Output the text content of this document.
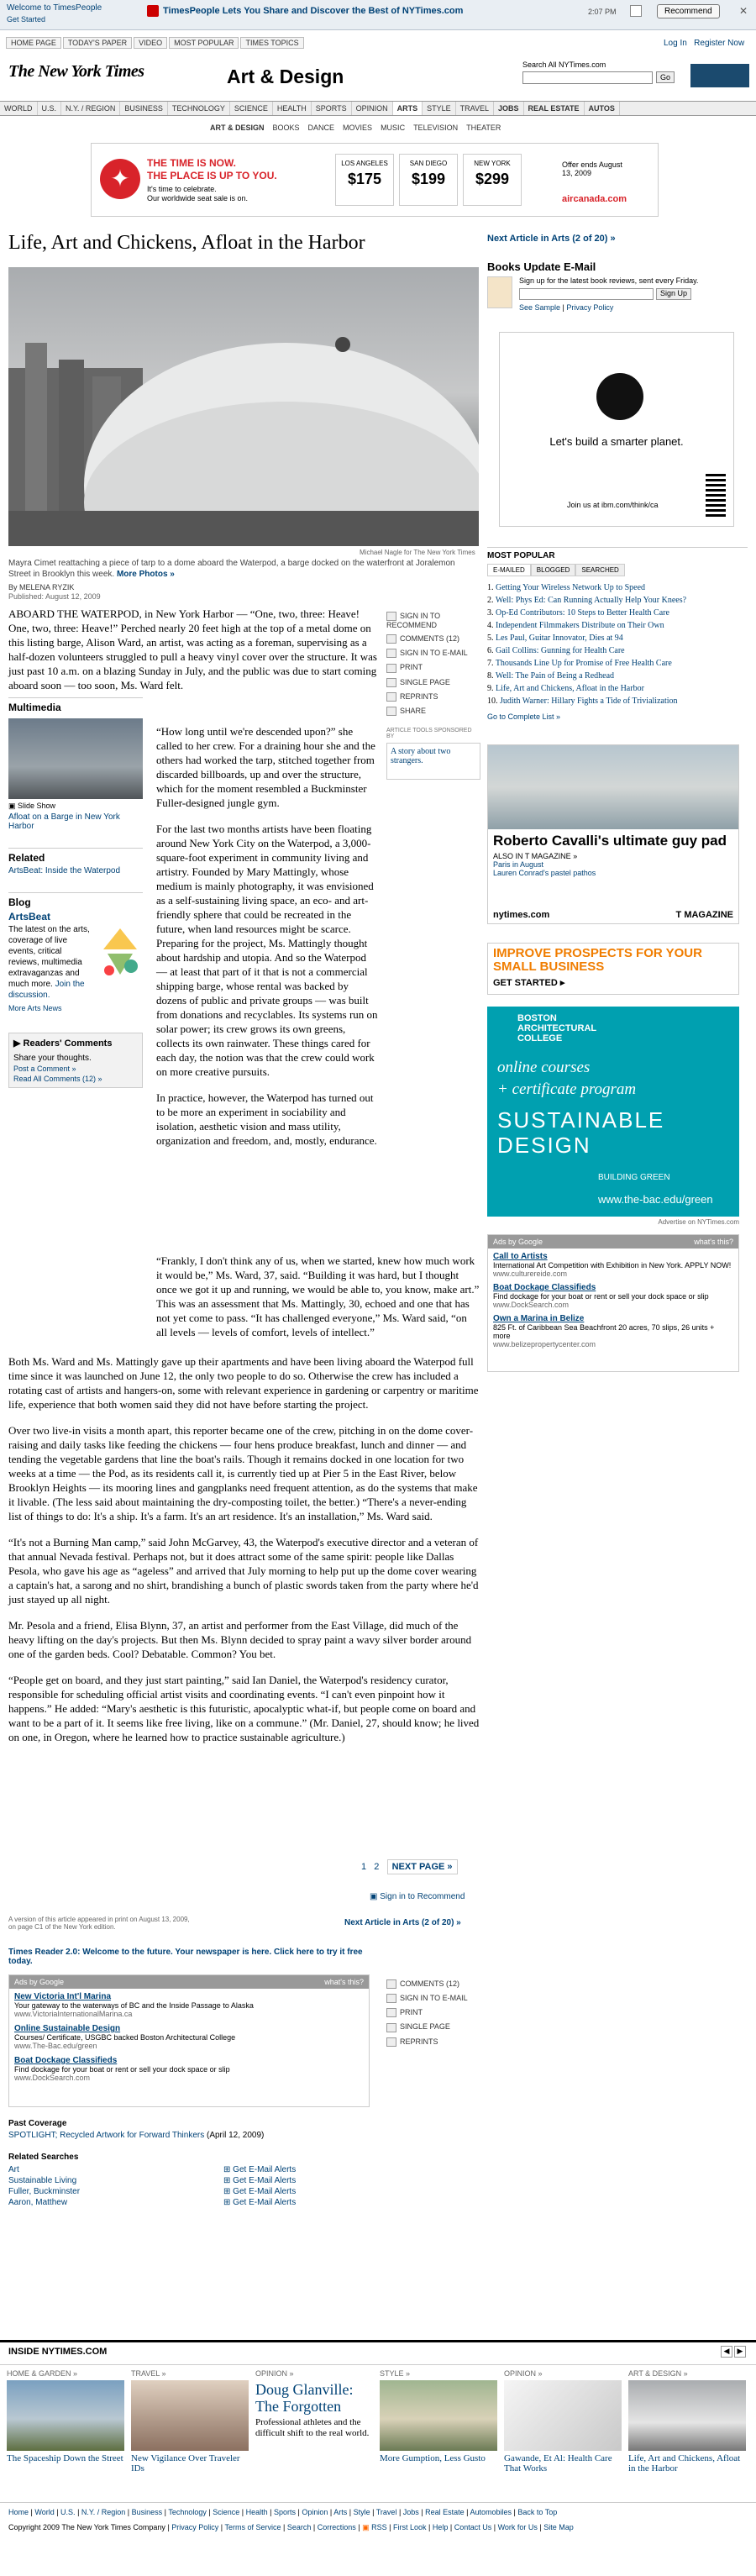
Welcome to TimesPeople
Get Started
TimesPeople Lets You Share and Discover the Best of NYTimes.com	2:07 PM	Recommend	✕
HOME PAGE TODAY'S PAPER VIDEO MOST POPULAR TIMES TOPICS	Log In Register Now
The New York Times	Art & Design
Search All NYTimes.com
Go
WORLD U.S. N.Y. / REGION BUSINESS TECHNOLOGY SCIENCE HEALTH SPORTS OPINION ARTS STYLE TRAVEL JOBS REAL ESTATE AUTOS
ART & DESIGN BOOKS DANCE MOVIES MUSIC TELEVISION THEATER
✦
THE TIME IS NOW.
THE PLACE IS UP TO YOU.
It's time to celebrate.
Our worldwide seat sale is on.
LOS ANGELES
$175
SAN DIEGO
$199
NEW YORK
$299
Offer ends August 13, 2009
aircanada.com
Life, Art and Chickens, Afloat in the Harbor
Michael Nagle for The New York Times
Mayra Cimet reattaching a piece of tarp to a dome aboard the Waterpod, a barge docked on the waterfront at Joralemon Street in Brooklyn this week. More Photos »
By MELENA RYZIK
Published: August 12, 2009

ABOARD THE WATERPOD, in New York Harbor — “One, two, three: Heave! One, two, three: Heave!” Perched nearly 20 feet high at the top of a metal dome on this listing barge, Alison Ward, an artist, was acting as a foreman, supervising as a half-dozen volunteers struggled to pull a heavy vinyl cover over the structure. It was just past 10 a.m. on a blazing Sunday in July, and the public was due to start coming aboard soon — too soon, Ms. Ward felt.

SIGN IN TO RECOMMEND
COMMENTS (12)
SIGN IN TO E-MAIL
PRINT
SINGLE PAGE
REPRINTS
SHARE
ARTICLE TOOLS SPONSORED BY
A story about two strangers.
Multimedia
▣ Slide Show
Afloat on a Barge in New York Harbor
Related
ArtsBeat: Inside the Waterpod
Blog
ArtsBeat
The latest on the arts, coverage of live events, critical reviews, multimedia extravaganzas and much more. Join the discussion.
More Arts News
▶ Readers' Comments
Share your thoughts.
Post a Comment »
Read All Comments (12) »

“How long until we're descended upon?” she called to her crew. For a draining hour she and the others had worked the tarp, stitched together from discarded billboards, up and over the structure, which for the moment resembled a Buckminster Fuller-designed jungle gym.

For the last two months artists have been floating around New York City on the Waterpod, a 3,000-square-foot experiment in community living and artistry. Founded by Mary Mattingly, whose medium is mainly photography, it was envisioned as a self-sustaining living space, an eco- and art-friendly sphere that could be recreated in the future, when land resources might be scarce. Preparing for the project, Ms. Mattingly thought about hardship and utopia. And so the Waterpod — at least that part of it that is not a commercial shipping barge, whose rental was backed by dozens of public and private groups — was built from donations and recyclables. Its systems run on solar power; its crew grows its own greens, collects its own rainwater. These things cared for each day, the notion was that the crew could work on more creative pursuits.

In practice, however, the Waterpod has turned out to be more an experiment in sociability and isolation, aesthetic vision and mass utility, organization and freedom, and, mostly, endurance.

“Frankly, I don't think any of us, when we started, knew how much work it would be,” Ms. Ward, 37, said. “Building it was hard, but I thought once we got it up and running, we would be able to, you know, make art.” This was an assessment that Ms. Mattingly, 30, echoed and one that has not yet come to pass. “It has challenged everyone,” Ms. Ward said, “on all levels — levels of comfort, levels of intellect.”

Both Ms. Ward and Ms. Mattingly gave up their apartments and have been living aboard the Waterpod full time since it was launched on June 12, the only two people to do so. Otherwise the crew has included a rotating cast of artists and hangers-on, some with relevant experience in gardening or carpentry or maritime life, experience that both women said they did not have before starting the project.

Over two live-in visits a month apart, this reporter became one of the crew, pitching in on the dome cover-raising and daily tasks like feeding the chickens — four hens produce breakfast, lunch and dinner — and tending the vegetable gardens that line the boat's rails. Though it remains docked in one location for two weeks at a time — the Pod, as its residents call it, is currently tied up at Pier 5 in the East River, below Brooklyn Heights — its mooring lines and gangplanks need frequent attention, as do the systems that make it livable. (The less said about maintaining the dry-composting toilet, the better.) “There's a never-ending list of things to do: It's a ship. It's a farm. It's an art residence. It's an installation,” Ms. Ward said.

“It's not a Burning Man camp,” said John McGarvey, 43, the Waterpod's executive director and a veteran of that annual Nevada festival. Perhaps not, but it does attract some of the same spirit: people like Dallas Pesola, who gave his age as “ageless” and arrived that July morning to help put up the dome cover wearing a captain's hat, a sarong and no shirt, brandishing a bunch of plastic swords taken from the party where he'd just stayed up all night.

Mr. Pesola and a friend, Elisa Blynn, 37, an artist and performer from the East Village, did much of the heavy lifting on the day's projects. But then Ms. Blynn decided to spray paint a wavy silver border around one of the garden beds. Cool? Debatable. Common? You bet.

“People get on board, and they just start painting,” said Ian Daniel, the Waterpod's residency curator, responsible for scheduling official artist visits and coordinating events. “I can't even pinpoint how it happens.” He added: “Mary's aesthetic is this futuristic, apocalyptic what-if, but people come on board and want to be a part of it. It seems like free living, like on a commune.” (Mr. Daniel, 27, should know; he lived on one, in Oregon, where he learned how to practice sustainable agriculture.)

1 2 NEXT PAGE »
▣ Sign in to Recommend
A version of this article appeared in print on August 13, 2009, on page C1 of the New York edition.	Next Article in Arts (2 of 20) »
Times Reader 2.0: Welcome to the future. Your newspaper is here. Click here to try it free today.
Ads by Google	what's this?
New Victoria Int'l Marina
Your gateway to the waterways of BC and the Inside Passage to Alaska
www.VictoriaInternationalMarina.ca
Online Sustainable Design
Courses/ Certificate, USGBC backed Boston Architectural College
www.The-Bac.edu/green
Boat Dockage Classifieds
Find dockage for your boat or rent or sell your dock space or slip
www.DockSearch.com
COMMENTS (12)
SIGN IN TO E-MAIL
PRINT
SINGLE PAGE
REPRINTS
Past Coverage
SPOTLIGHT; Recycled Artwork for Forward Thinkers (April 12, 2009)
Related Searches
Art	⊞ Get E-Mail Alerts
Sustainable Living	⊞ Get E-Mail Alerts
Fuller, Buckminster	⊞ Get E-Mail Alerts
Aaron, Matthew	⊞ Get E-Mail Alerts
Next Article in Arts (2 of 20) »
Books Update E-Mail
Sign up for the latest book reviews, sent every Friday.
Sign Up
See Sample | Privacy Policy
Let's build a smarter planet.
Join us at ibm.com/think/ca
MOST POPULAR
E-MAILED	BLOGGED	SEARCHED
1. Getting Your Wireless Network Up to Speed
2. Well: Phys Ed: Can Running Actually Help Your Knees?
3. Op-Ed Contributors: 10 Steps to Better Health Care
4. Independent Filmmakers Distribute on Their Own
5. Les Paul, Guitar Innovator, Dies at 94
6. Gail Collins: Gunning for Health Care
7. Thousands Line Up for Promise of Free Health Care
8. Well: The Pain of Being a Redhead
9. Life, Art and Chickens, Afloat in the Harbor
10. Judith Warner: Hillary Fights a Tide of Trivialization
Go to Complete List »
Roberto Cavalli's ultimate guy pad
ALSO IN T MAGAZINE »
Paris in August
Lauren Conrad's pastel pathos
nytimes.com	T MAGAZINE
IMPROVE PROSPECTS FOR YOUR SMALL BUSINESS
GET STARTED ▸
BOSTON ARCHITECTURAL COLLEGE
online courses
+ certificate program
SUSTAINABLE
DESIGN
BUILDING GREEN
www.the-bac.edu/green
Advertise on NYTimes.com
Ads by Google	what's this?
Call to Artists
International Art Competition with Exhibition in New York. APPLY NOW!
www.culturereide.com
Boat Dockage Classifieds
Find dockage for your boat or rent or sell your dock space or slip
www.DockSearch.com
Own a Marina in Belize
825 Ft. of Caribbean Sea Beachfront 20 acres, 70 slips, 26 units + more
www.belizepropertycenter.com
INSIDE NYTIMES.COM	◀	▶
HOME & GARDEN »
The Spaceship Down the Street
TRAVEL »
New Vigilance Over Traveler IDs
OPINION »
Doug Glanville: The Forgotten
Professional athletes and the difficult shift to the real world.
STYLE »
More Gumption, Less Gusto
OPINION »
Gawande, Et Al: Health Care That Works
ART & DESIGN »
Life, Art and Chickens, Afloat in the Harbor
Home | World | U.S. | N.Y. / Region | Business | Technology | Science | Health | Sports | Opinion | Arts | Style | Travel | Jobs | Real Estate | Automobiles | Back to Top
Copyright 2009 The New York Times Company | Privacy Policy | Terms of Service | Search | Corrections | ▣ RSS | First Look | Help | Contact Us | Work for Us | Site Map
